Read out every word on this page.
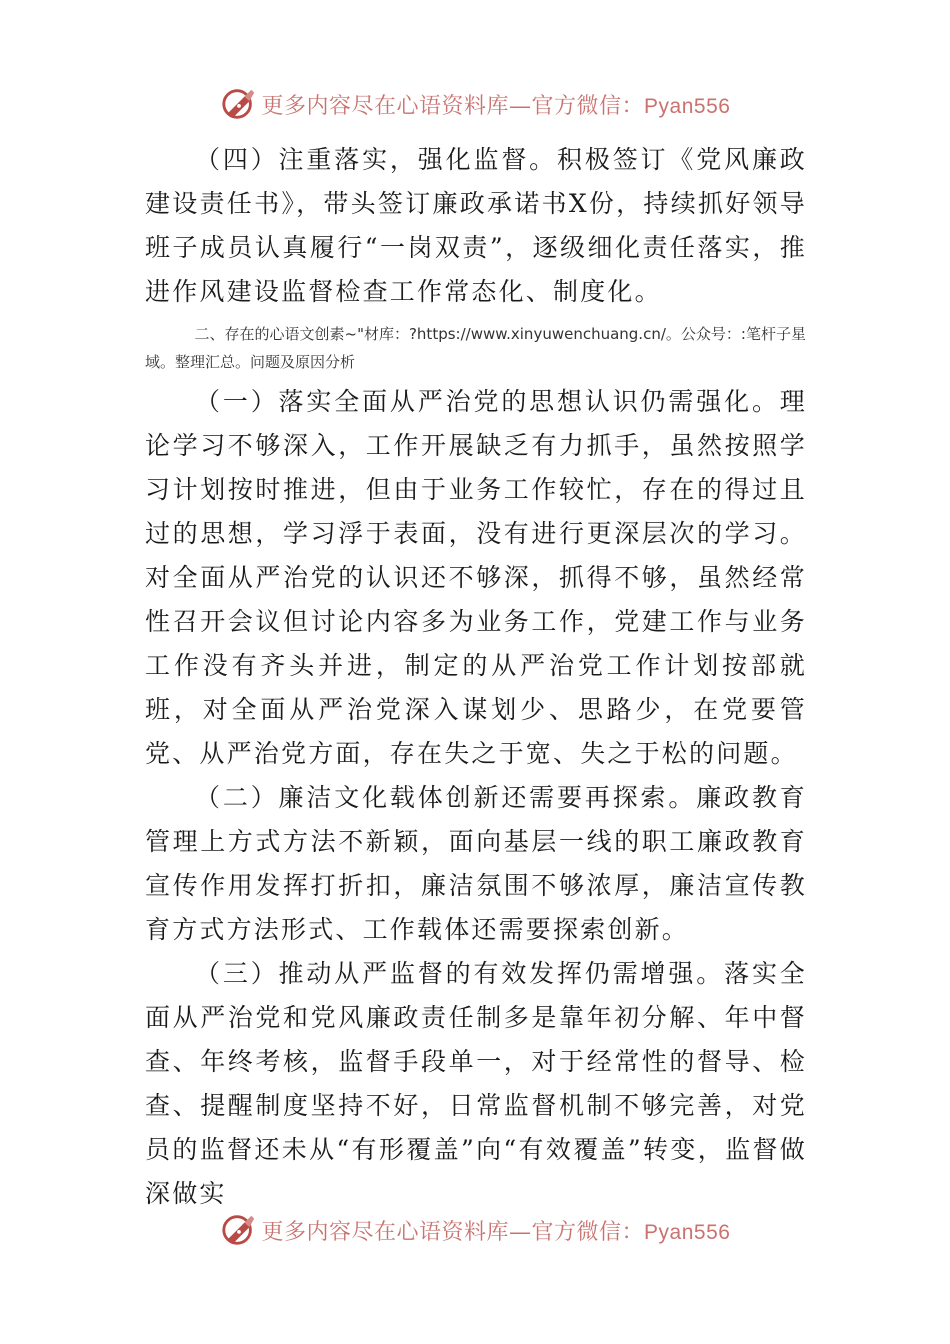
更多内容尽在心语资料库—官方微信：Pyan556

（四）注重落实，强化监督。积极签订《党风廉政建设责任书》，带头签订廉政承诺书X份，持续抓好领导班子成员认真履行“一岗双责”，逐级细化责任落实，推进作风建设监督检查工作常态化、制度化。

二、存在的心语文创素~"材库：?https://www.xinyuwenchuang.cn/。公众号：:笔杆子星域。整理汇总。问题及原因分析

（一）落实全面从严治党的思想认识仍需强化。理论学习不够深入，工作开展缺乏有力抓手，虽然按照学习计划按时推进，但由于业务工作较忙，存在的得过且过的思想，学习浮于表面，没有进行更深层次的学习。对全面从严治党的认识还不够深，抓得不够，虽然经常性召开会议但讨论内容多为业务工作，党建工作与业务工作没有齐头并进，制定的从严治党工作计划按部就班，对全面从严治党深入谋划少、思路少，在党要管党、从严治党方面，存在失之于宽、失之于松的问题。

（二）廉洁文化载体创新还需要再探索。廉政教育管理上方式方法不新颖，面向基层一线的职工廉政教育宣传作用发挥打折扣，廉洁氛围不够浓厚，廉洁宣传教育方式方法形式、工作载体还需要探索创新。

（三）推动从严监督的有效发挥仍需增强。落实全面从严治党和党风廉政责任制多是靠年初分解、年中督查、年终考核，监督手段单一，对于经常性的督导、检查、提醒制度坚持不好，日常监督机制不够完善，对党员的监督还未从“有形覆盖”向“有效覆盖”转变，监督做深做实

更多内容尽在心语资料库—官方微信：Pyan556
